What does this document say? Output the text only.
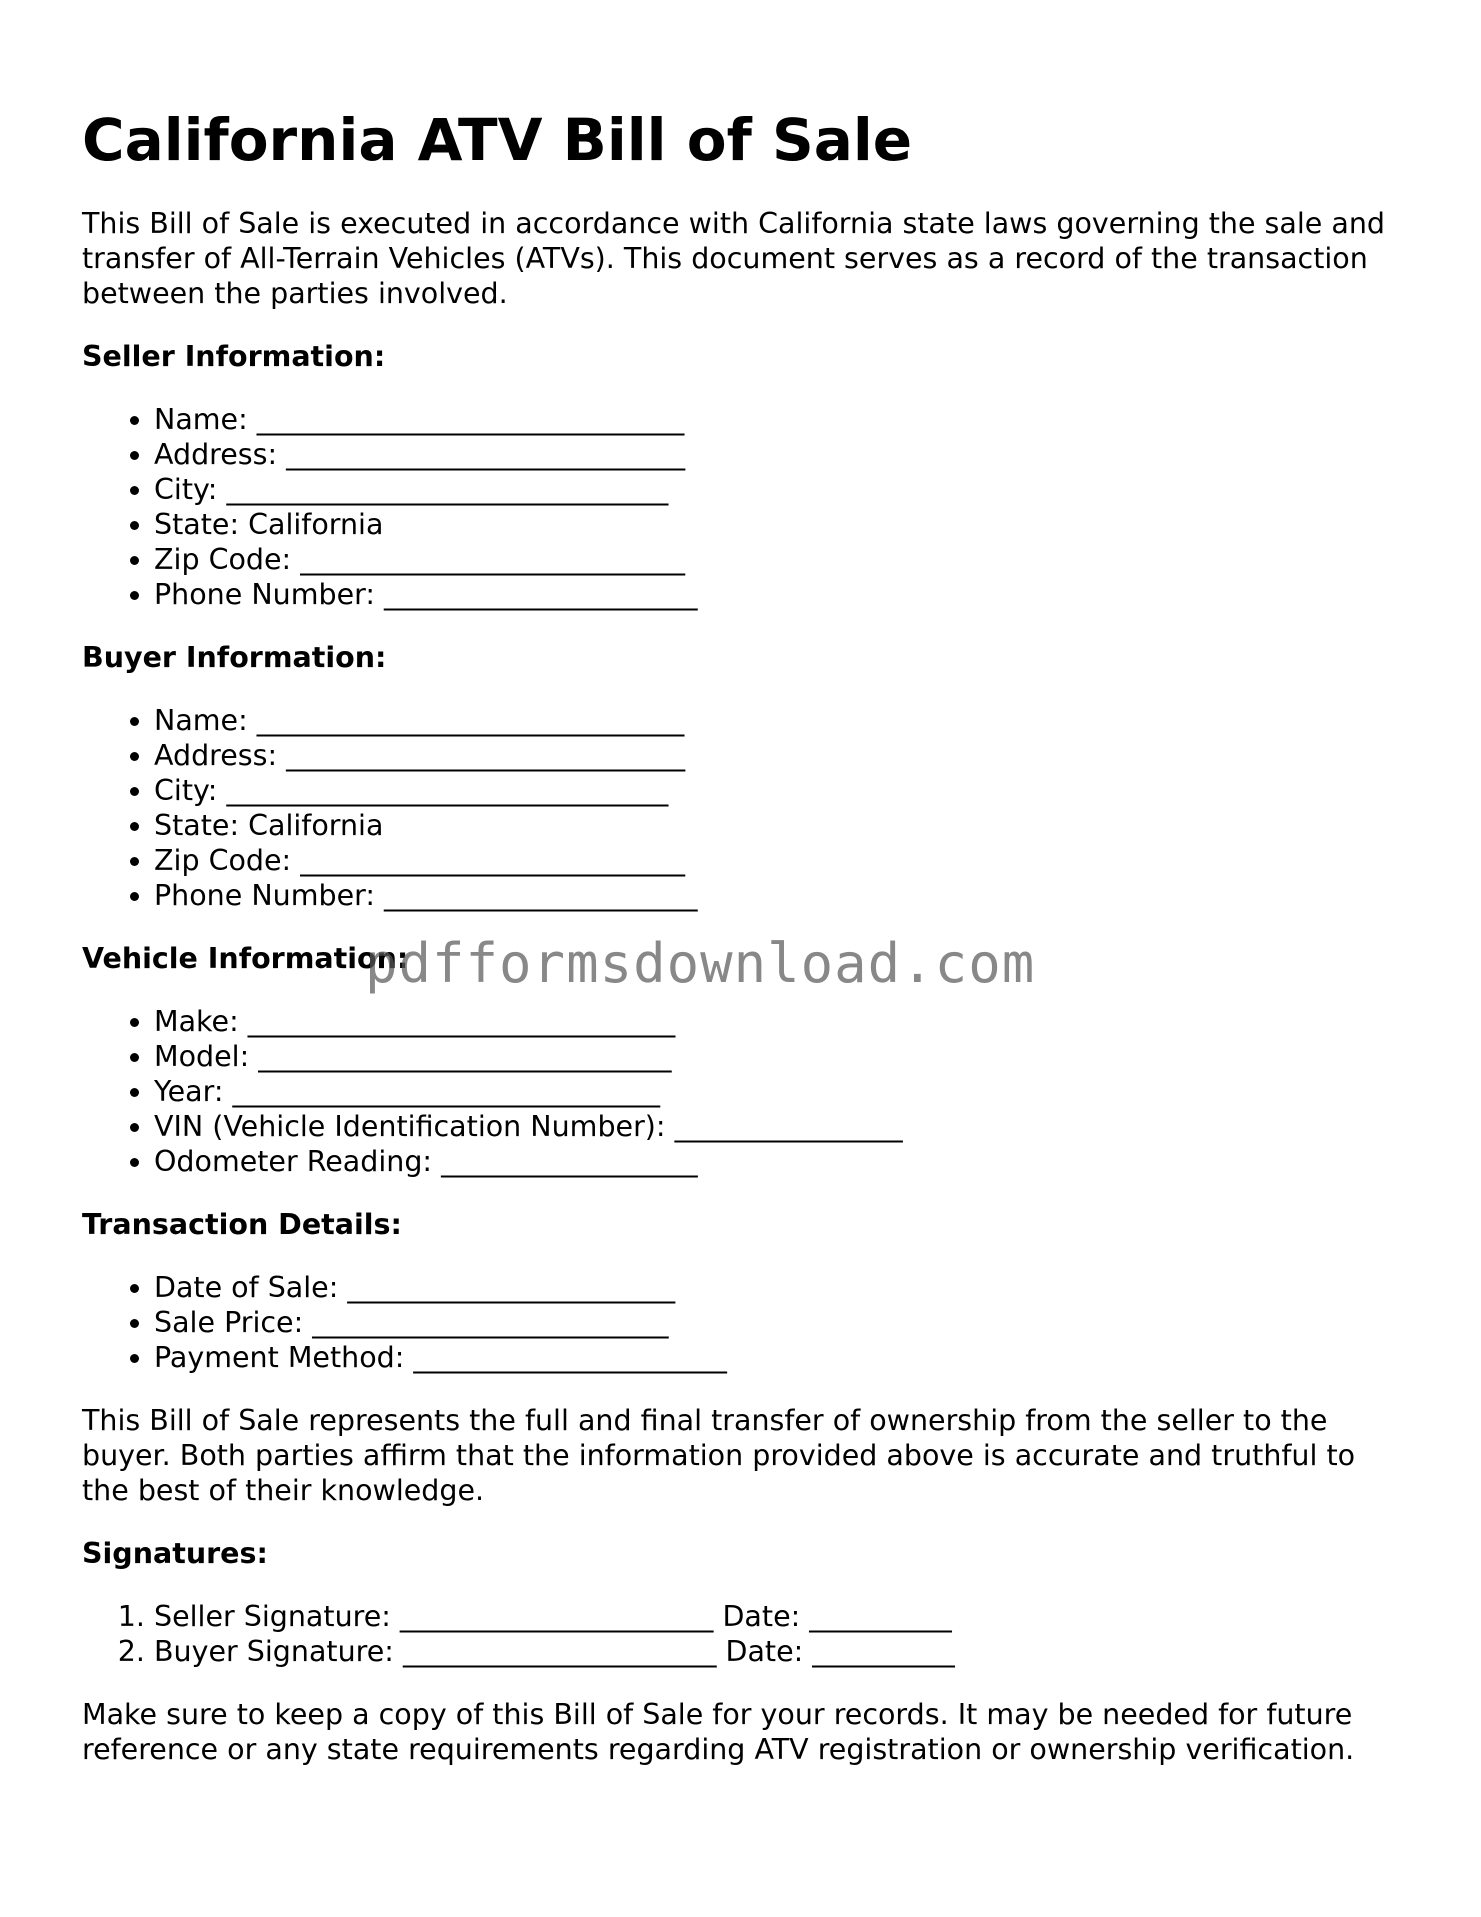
California ATV Bill of Sale

This Bill of Sale is executed in accordance with California state laws governing the sale and transfer of All-Terrain Vehicles (ATVs). This document serves as a record of the transaction between the parties involved.

Seller Information:
• Name: ______________________________
• Address: ____________________________
• City: _______________________________
• State: California
• Zip Code: ___________________________
• Phone Number: ______________________
Buyer Information:
• Name: ______________________________
• Address: ____________________________
• City: _______________________________
• State: California
• Zip Code: ___________________________
• Phone Number: ______________________
Vehicle Information:
• Make: ______________________________
• Model: _____________________________
• Year: ______________________________
• VIN (Vehicle Identification Number): ________________
• Odometer Reading: __________________
Transaction Details:
• Date of Sale: _______________________
• Sale Price: _________________________
• Payment Method: ______________________

This Bill of Sale represents the full and final transfer of ownership from the seller to the buyer. Both parties affirm that the information provided above is accurate and truthful to the best of their knowledge.

Signatures:
1. Seller Signature: ______________________ Date: __________
2. Buyer Signature: ______________________ Date: __________

Make sure to keep a copy of this Bill of Sale for your records. It may be needed for future reference or any state requirements regarding ATV registration or ownership verification.

pdfformsdownload.com
